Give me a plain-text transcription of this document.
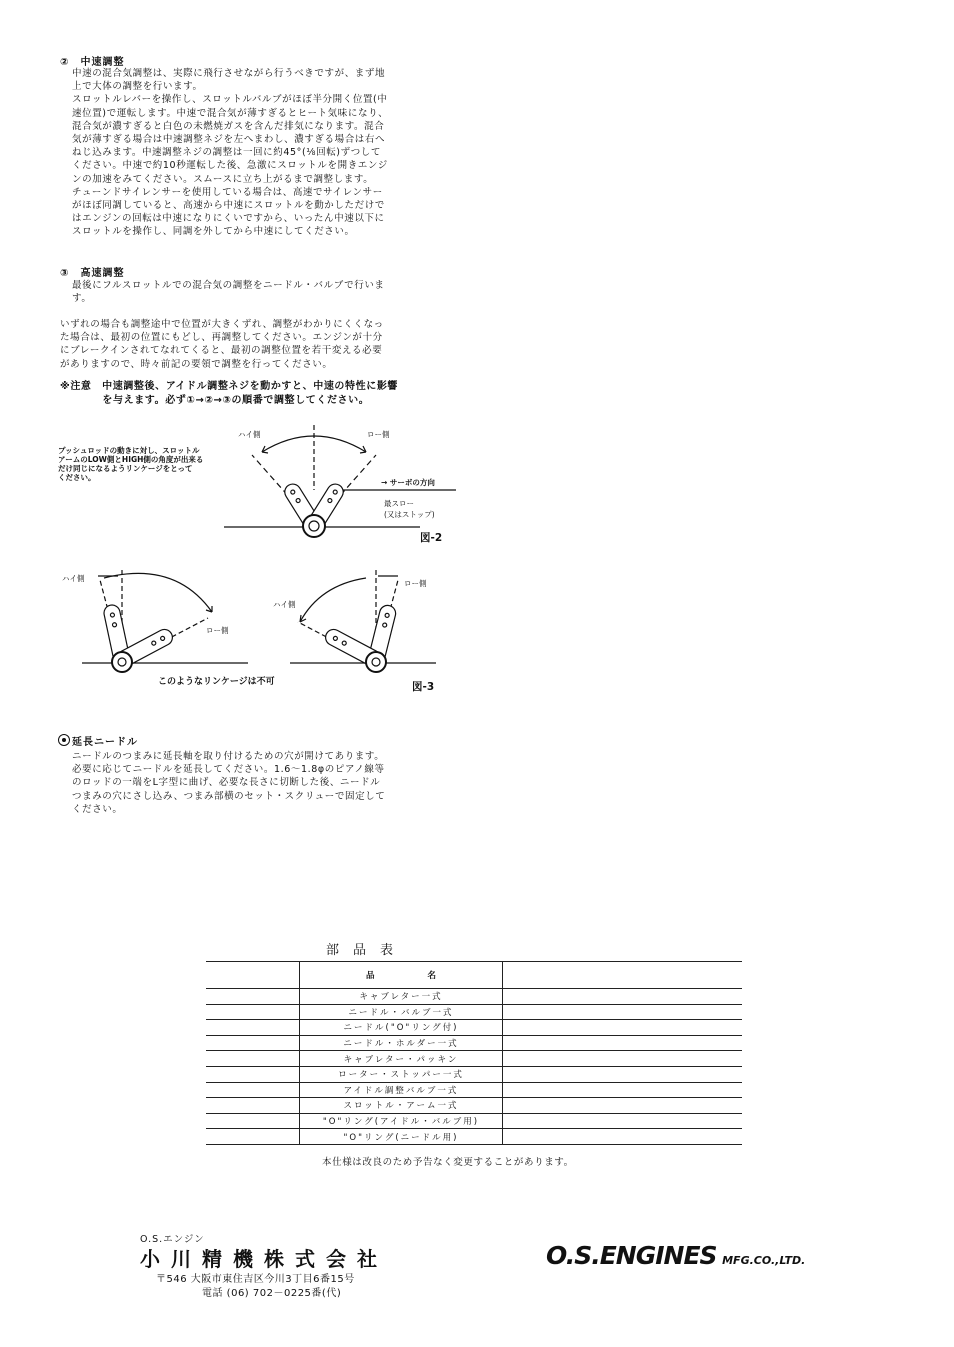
②　中速調整
中速の混合気調整は、実際に飛行させながら行うべきですが、まず地
上で大体の調整を行います。
スロットルレバーを操作し、スロットルバルブがほぼ半分開く位置(中
速位置)で運転します。中速で混合気が薄すぎるとヒート気味になり、
混合気が濃すぎると白色の未燃焼ガスを含んだ排気になります。混合
気が薄すぎる場合は中速調整ネジを左へまわし、濃すぎる場合は右へ
ねじ込みます。中速調整ネジの調整は一回に約45°(⅛回転)ずつして
ください。中速で約10秒運転した後、急激にスロットルを開きエンジ
ンの加速をみてください。スムースに立ち上がるまで調整します。
チューンドサイレンサーを使用している場合は、高速でサイレンサー
がほぼ同調していると、高速から中速にスロットルを動かしただけで
はエンジンの回転は中速になりにくいですから、いったん中速以下に
スロットルを操作し、同調を外してから中速にしてください。
③　高速調整
最後にフルスロットルでの混合気の調整をニードル・バルブで行いま
す。
いずれの場合も調整途中で位置が大きくずれ、調整がわかりにくくなっ
た場合は、最初の位置にもどし、再調整してください。エンジンが十分
にブレークインされてなれてくると、最初の調整位置を若干変える必要
がありますので、時々前記の要領で調整を行ってください。
※注意　中速調整後、アイドル調整ネジを動かすと、中速の特性に影響
　　　　を与えます。必ず①→②→③の順番で調整してください。
プッシュロッドの動きに対し、スロットル
アームのLOW側とHIGH側の角度が出来る
だけ同じになるようリンケージをとって
ください。
ハイ側	ロー側
→ サーボの方向
最スロー
(又はストップ)
図-2
ハイ側
ロー側
ハイ側
ロー側
このようなリンケージは不可	図-3
延長ニードル
ニードルのつまみに延長軸を取り付けるための穴が開けてあります。
必要に応じてニードルを延長してください。1.6～1.8φのピアノ線等
のロッドの一端をL字型に曲げ、必要な長さに切断した後、ニードル
つまみの穴にさし込み、つまみ部横のセット・スクリューで固定して
ください。
部品表
	品 名	
	キャブレター一式	
	ニードル・バルブ一式	
	ニードル("O"リング付)	
	ニードル・ホルダー一式	
	キャブレター・パッキン	
	ローター・ストッパー一式	
	アイドル調整バルブ一式	
	スロットル・アーム一式	
	"O"リング(アイドル・バルブ用)	
	"O"リング(ニードル用)	
本仕様は改良のため予告なく変更することがあります。
O.S.エンジン
小川精機株式会社
〒546 大阪市東住吉区今川3丁目6番15号
電話 (06) 702－0225番(代)
O.S.ENGINES MFG.CO.,LTD.
